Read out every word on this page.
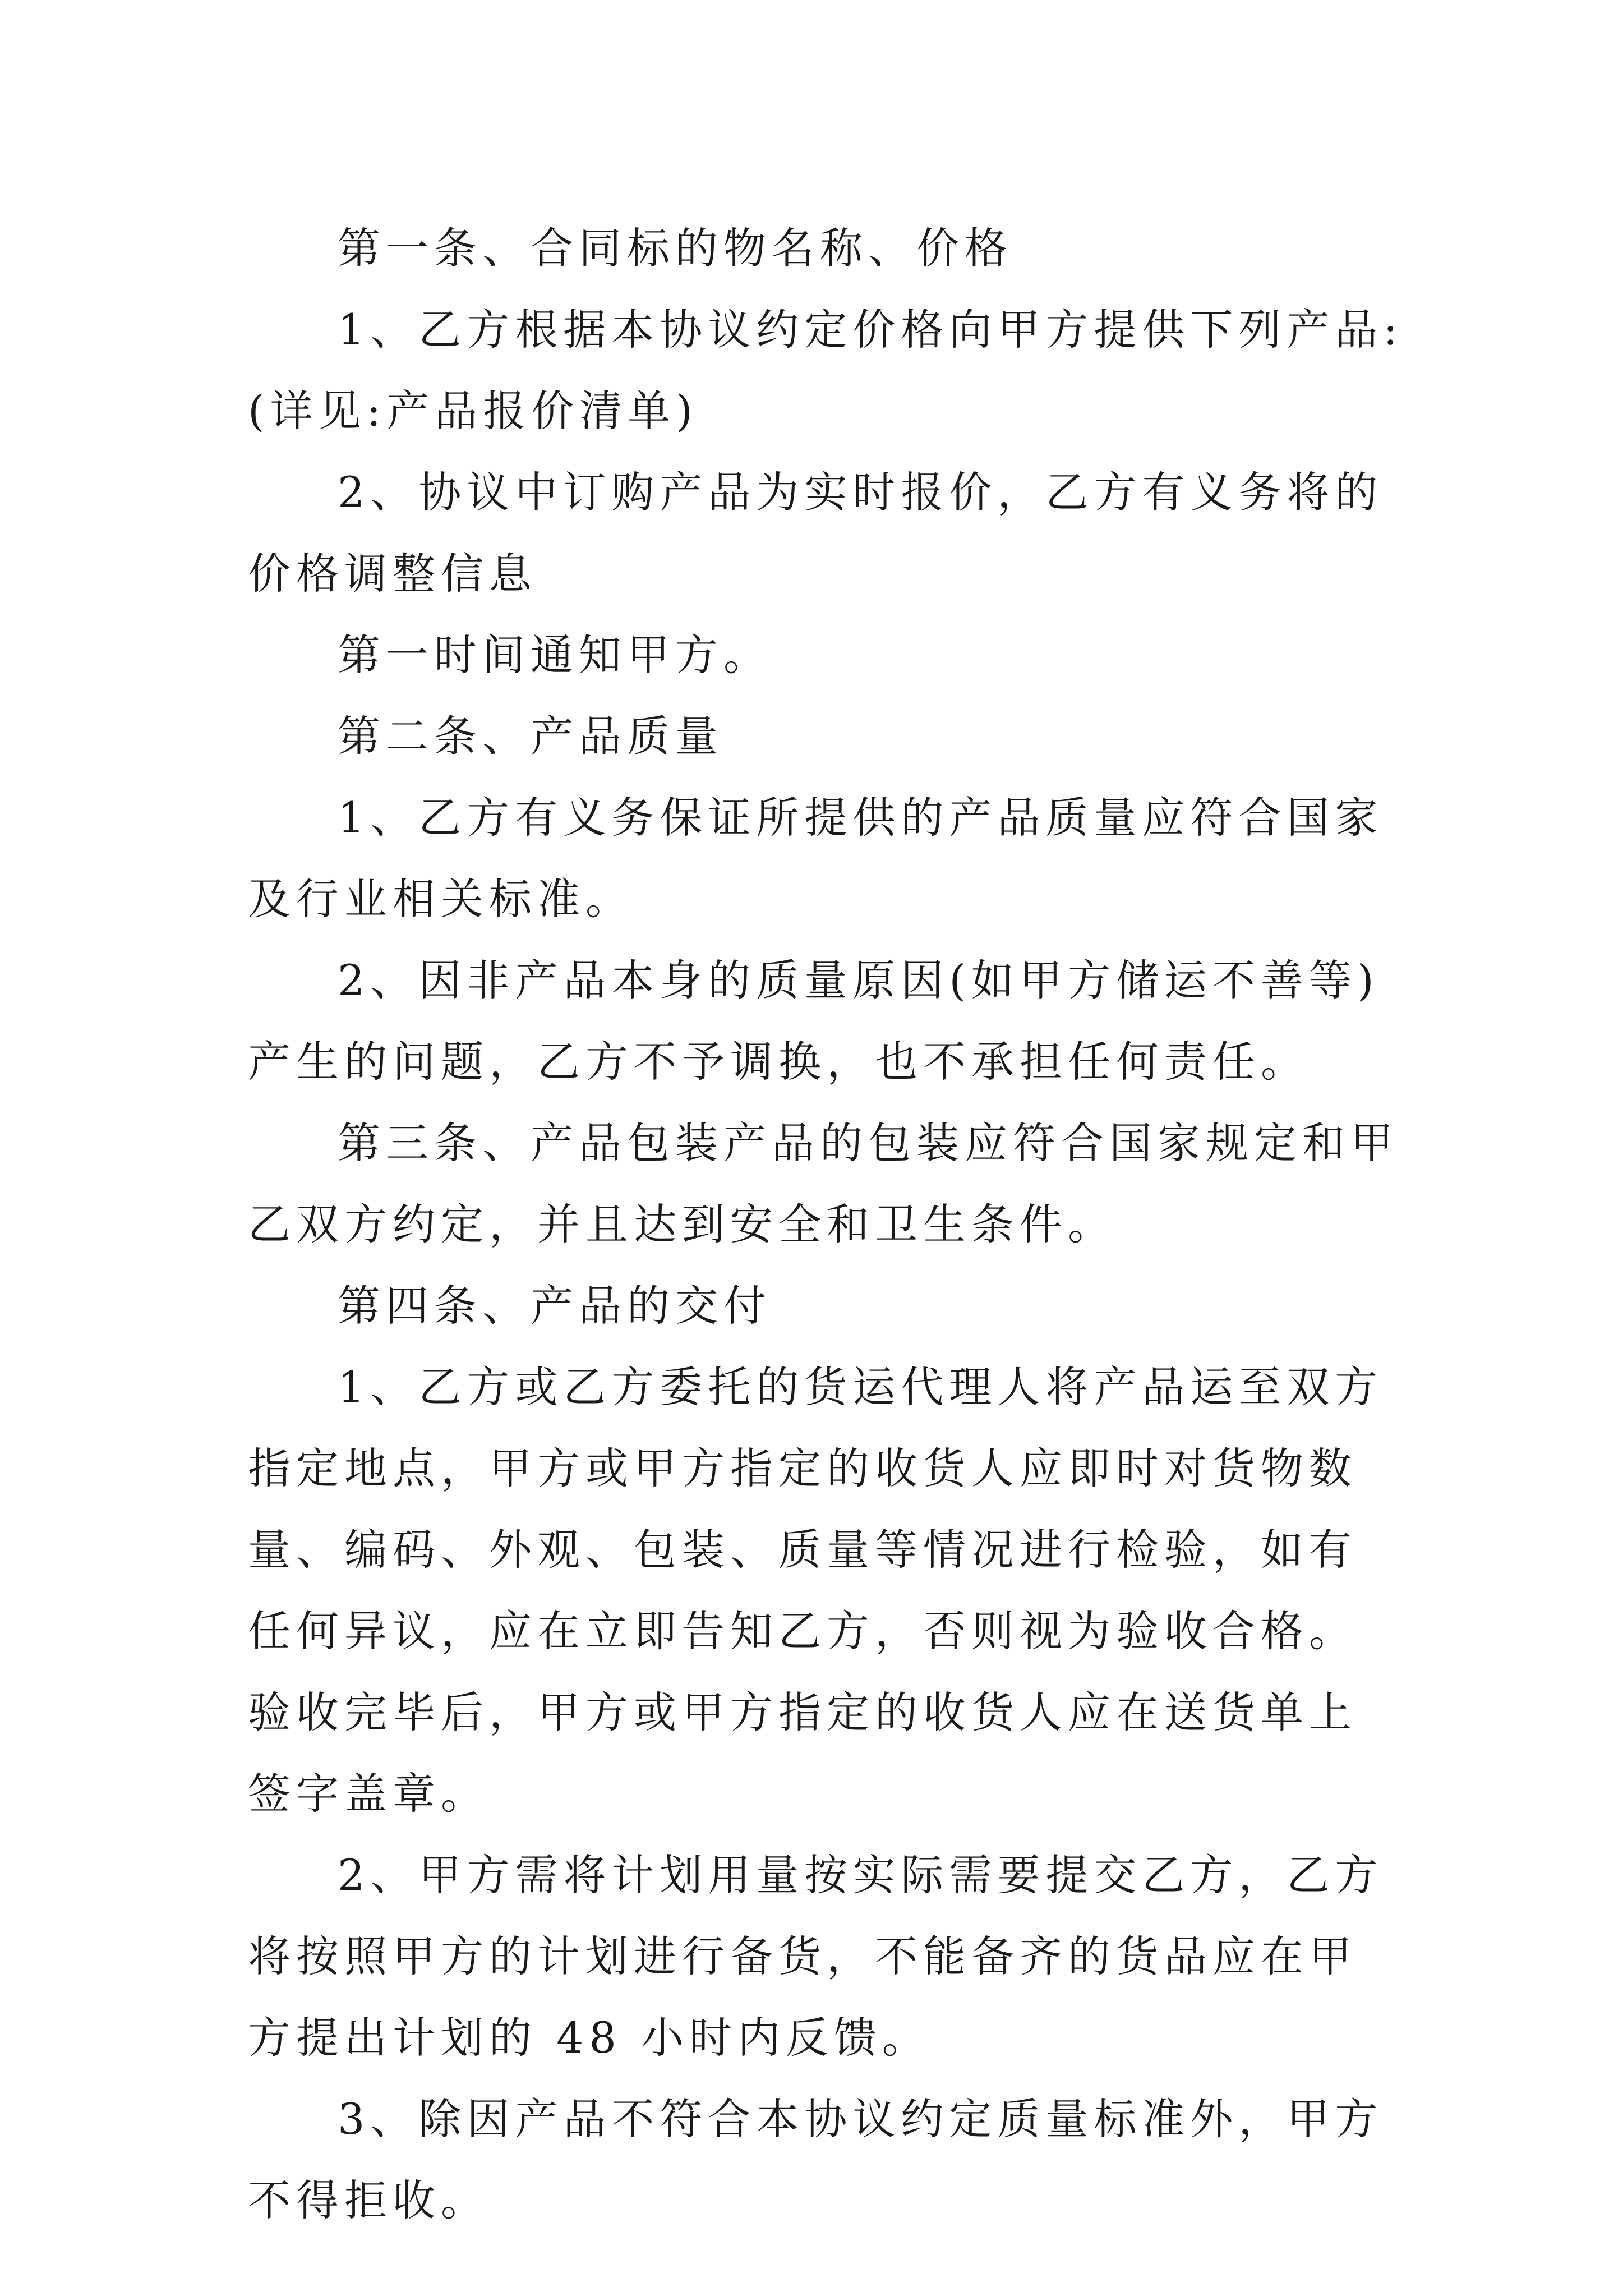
第一条、合同标的物名称、价格

1、乙方根据本协议约定价格向甲方提供下列产品:(详见:产品报价清单)

2、协议中订购产品为实时报价，乙方有义务将的价格调整信息

第一时间通知甲方。

第二条、产品质量

1、乙方有义务保证所提供的产品质量应符合国家及行业相关标准。

2、因非产品本身的质量原因(如甲方储运不善等)产生的问题，乙方不予调换，也不承担任何责任。

第三条、产品包装产品的包装应符合国家规定和甲乙双方约定，并且达到安全和卫生条件。

第四条、产品的交付

1、乙方或乙方委托的货运代理人将产品运至双方指定地点，甲方或甲方指定的收货人应即时对货物数量、编码、外观、包装、质量等情况进行检验，如有任何异议，应在立即告知乙方，否则视为验收合格。验收完毕后，甲方或甲方指定的收货人应在送货单上签字盖章。

2、甲方需将计划用量按实际需要提交乙方，乙方将按照甲方的计划进行备货，不能备齐的货品应在甲方提出计划的 48 小时内反馈。

3、除因产品不符合本协议约定质量标准外，甲方不得拒收。
